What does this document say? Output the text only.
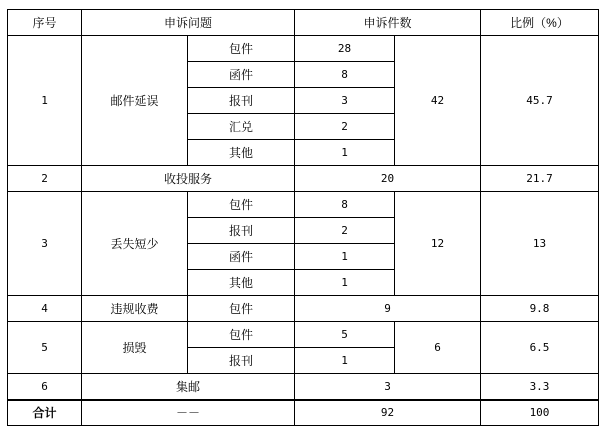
序号	申诉问题		申诉件数		比例（%）
1	邮件延误	包件	28	42	45.7
		函件	8		
		报刊	3		
		汇兑	2		
		其他	1		
2	收投服务		20		21.7
3	丢失短少	包件	8	12	13
		报刊	2		
		函件	1		
		其他	1		
4	违规收费	包件	9		9.8
5	损毁	包件	5	6	6.5
		报刊	1		
6	集邮		3		3.3
合计	－－		92		100
